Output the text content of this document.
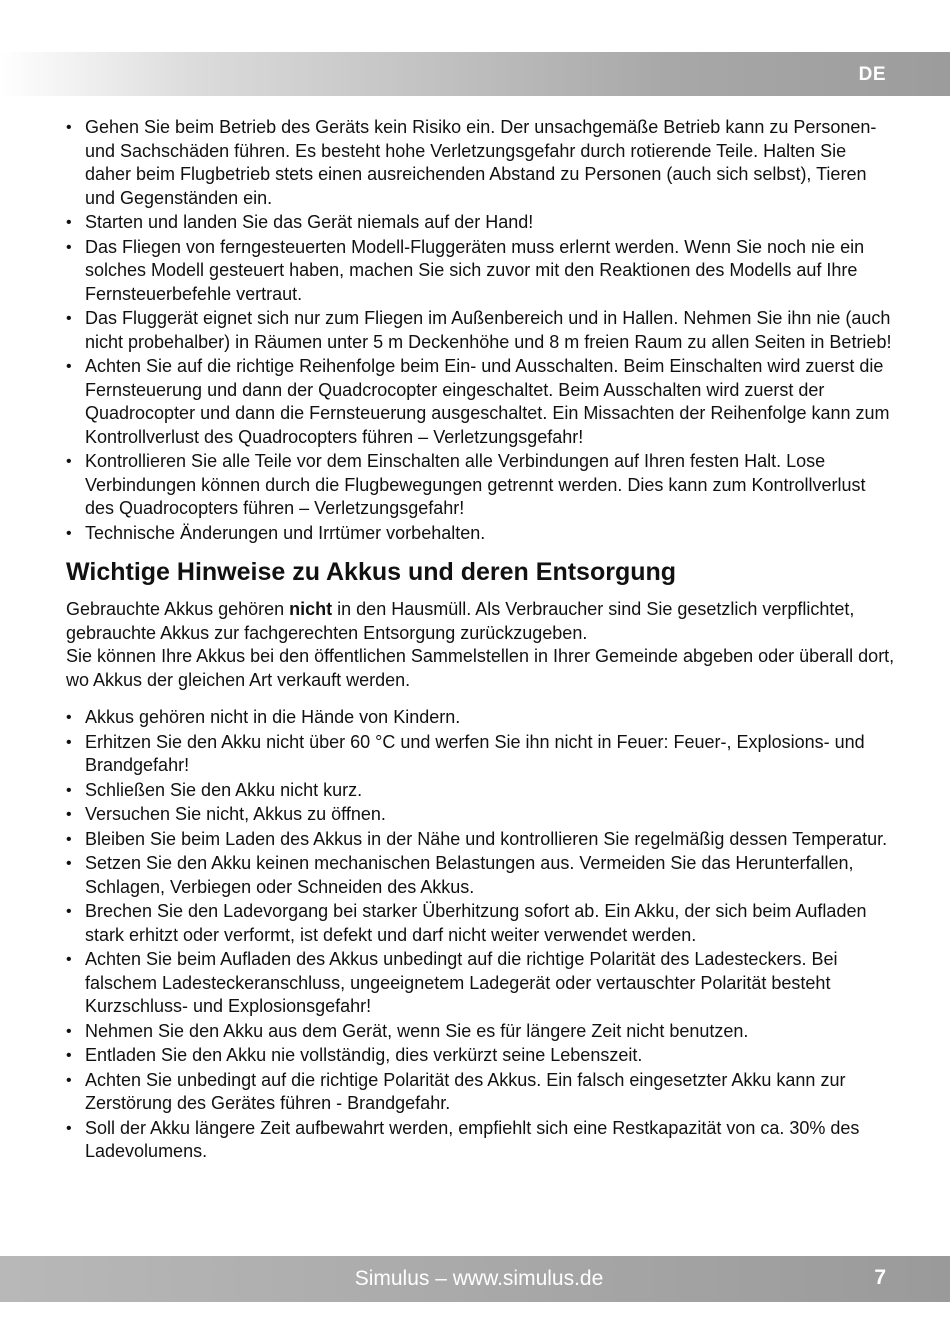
DE
• Gehen Sie beim Betrieb des Geräts kein Risiko ein. Der unsachgemäße Betrieb kann zu Personen- und Sachschäden führen. Es besteht hohe Verletzungsgefahr durch rotierende Teile. Halten Sie daher beim Flugbetrieb stets einen ausreichenden Abstand zu Personen (auch sich selbst), Tieren und Gegenständen ein.
• Starten und landen Sie das Gerät niemals auf der Hand!
• Das Fliegen von ferngesteuerten Modell-Fluggeräten muss erlernt werden. Wenn Sie noch nie ein solches Modell gesteuert haben, machen Sie sich zuvor mit den Reaktionen des Modells auf Ihre Fernsteuerbefehle vertraut.
• Das Fluggerät eignet sich nur zum Fliegen im Außenbereich und in Hallen. Nehmen Sie ihn nie (auch nicht probehalber) in Räumen unter 5 m Deckenhöhe und 8 m freien Raum zu allen Seiten in Betrieb!
• Achten Sie auf die richtige Reihenfolge beim Ein- und Ausschalten. Beim Einschalten wird zuerst die Fernsteuerung und dann der Quadcrocopter eingeschaltet. Beim Ausschalten wird zuerst der Quadrocopter und dann die Fernsteuerung ausgeschaltet. Ein Missachten der Reihenfolge kann zum Kontrollverlust des Quadrocopters führen – Verletzungsgefahr!
• Kontrollieren Sie alle Teile vor dem Einschalten alle Verbindungen auf Ihren festen Halt. Lose Verbindungen können durch die Flugbewegungen getrennt werden. Dies kann zum Kontrollverlust des Quadrocopters führen – Verletzungsgefahr!
• Technische Änderungen und Irrtümer vorbehalten.
Wichtige Hinweise zu Akkus und deren Entsorgung

Gebrauchte Akkus gehören nicht in den Hausmüll. Als Verbraucher sind Sie gesetzlich verpflichtet, gebrauchte Akkus zur fachgerechten Entsorgung zurückzugeben.

Sie können Ihre Akkus bei den öffentlichen Sammelstellen in Ihrer Gemeinde abgeben oder überall dort, wo Akkus der gleichen Art verkauft werden.

• Akkus gehören nicht in die Hände von Kindern.
• Erhitzen Sie den Akku nicht über 60 °C und werfen Sie ihn nicht in Feuer: Feuer-, Explosions- und Brandgefahr!
• Schließen Sie den Akku nicht kurz.
• Versuchen Sie nicht, Akkus zu öffnen.
• Bleiben Sie beim Laden des Akkus in der Nähe und kontrollieren Sie regelmäßig dessen Temperatur.
• Setzen Sie den Akku keinen mechanischen Belastungen aus. Vermeiden Sie das Herunterfallen, Schlagen, Verbiegen oder Schneiden des Akkus.
• Brechen Sie den Ladevorgang bei starker Überhitzung sofort ab. Ein Akku, der sich beim Aufladen stark erhitzt oder verformt, ist defekt und darf nicht weiter verwendet werden.
• Achten Sie beim Aufladen des Akkus unbedingt auf die richtige Polarität des Ladesteckers. Bei falschem Ladesteckeranschluss, ungeeignetem Ladegerät oder vertauschter Polarität besteht Kurzschluss- und Explosionsgefahr!
• Nehmen Sie den Akku aus dem Gerät, wenn Sie es für längere Zeit nicht benutzen.
• Entladen Sie den Akku nie vollständig, dies verkürzt seine Lebenszeit.
• Achten Sie unbedingt auf die richtige Polarität des Akkus. Ein falsch eingesetzter Akku kann zur Zerstörung des Gerätes führen - Brandgefahr.
• Soll der Akku längere Zeit aufbewahrt werden, empfiehlt sich eine Restkapazität von ca. 30% des Ladevolumens.
Simulus – www.simulus.de	7
